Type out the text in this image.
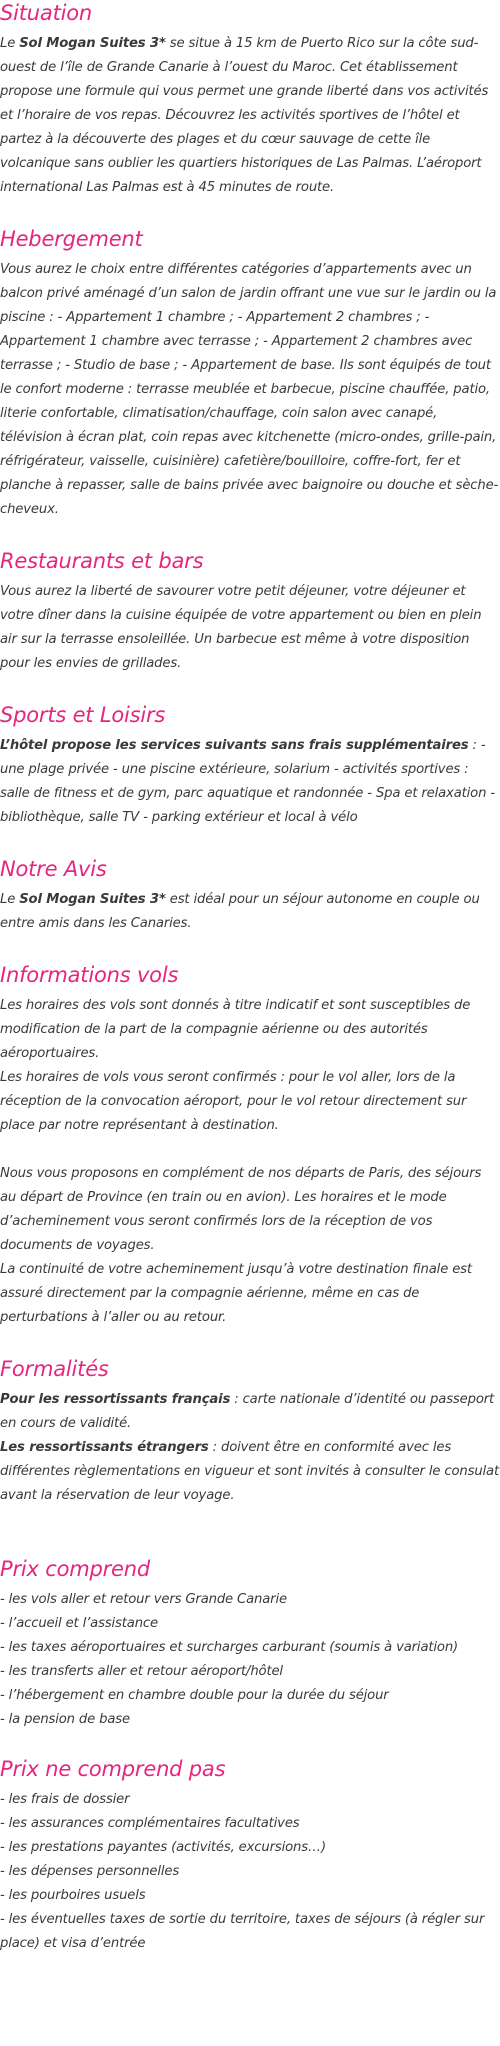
Situation

Le Sol Mogan Suites 3* se situe à 15 km de Puerto Rico sur la côte sud-ouest de l’île de Grande Canarie à l’ouest du Maroc. Cet établissement propose une formule qui vous permet une grande liberté dans vos activités et l’horaire de vos repas. Découvrez les activités sportives de l’hôtel et partez à la découverte des plages et du cœur sauvage de cette île volcanique sans oublier les quartiers historiques de Las Palmas. L’aéroport international Las Palmas est à 45 minutes de route.

Hebergement

Vous aurez le choix entre différentes catégories d’appartements avec un balcon privé aménagé d’un salon de jardin offrant une vue sur le jardin ou la piscine : - Appartement 1 chambre ; - Appartement 2 chambres ; - Appartement 1 chambre avec terrasse ; - Appartement 2 chambres avec terrasse ; - Studio de base ; - Appartement de base. Ils sont équipés de tout le confort moderne : terrasse meublée et barbecue, piscine chauffée, patio, literie confortable, climatisation/chauffage, coin salon avec canapé, télévision à écran plat, coin repas avec kitchenette (micro-ondes, grille-pain, réfrigérateur, vaisselle, cuisinière) cafetière/bouilloire, coffre-fort, fer et planche à repasser, salle de bains privée avec baignoire ou douche et sèche-cheveux.

Restaurants et bars

Vous aurez la liberté de savourer votre petit déjeuner, votre déjeuner et votre dîner dans la cuisine équipée de votre appartement ou bien en plein air sur la terrasse ensoleillée. Un barbecue est même à votre disposition pour les envies de grillades.

Sports et Loisirs

L’hôtel propose les services suivants sans frais supplémentaires : - une plage privée - une piscine extérieure, solarium - activités sportives : salle de fitness et de gym, parc aquatique et randonnée - Spa et relaxation - bibliothèque, salle TV - parking extérieur et local à vélo

Notre Avis

Le Sol Mogan Suites 3* est idéal pour un séjour autonome en couple ou entre amis dans les Canaries.

Informations vols

Les horaires des vols sont donnés à titre indicatif et sont susceptibles de modification de la part de la compagnie aérienne ou des autorités aéroportuaires.

Les horaires de vols vous seront confirmés : pour le vol aller, lors de la réception de la convocation aéroport, pour le vol retour directement sur place par notre représentant à destination.

Nous vous proposons en complément de nos départs de Paris, des séjours au départ de Province (en train ou en avion). Les horaires et le mode d’acheminement vous seront confirmés lors de la réception de vos documents de voyages.

La continuité de votre acheminement jusqu’à votre destination finale est assuré directement par la compagnie aérienne, même en cas de perturbations à l’aller ou au retour.

Formalités

Pour les ressortissants français : carte nationale d’identité ou passeport en cours de validité.

Les ressortissants étrangers : doivent être en conformité avec les différentes règlementations en vigueur et sont invités à consulter le consulat avant la réservation de leur voyage.

Prix comprend
- les vols aller et retour vers Grande Canarie
- l’accueil et l’assistance
- les taxes aéroportuaires et surcharges carburant (soumis à variation)
- les transferts aller et retour aéroport/hôtel
- l’hébergement en chambre double pour la durée du séjour
- la pension de base
Prix ne comprend pas
- les frais de dossier
- les assurances complémentaires facultatives
- les prestations payantes (activités, excursions…)
- les dépenses personnelles
- les pourboires usuels
- les éventuelles taxes de sortie du territoire, taxes de séjours (à régler sur place) et visa d’entrée
